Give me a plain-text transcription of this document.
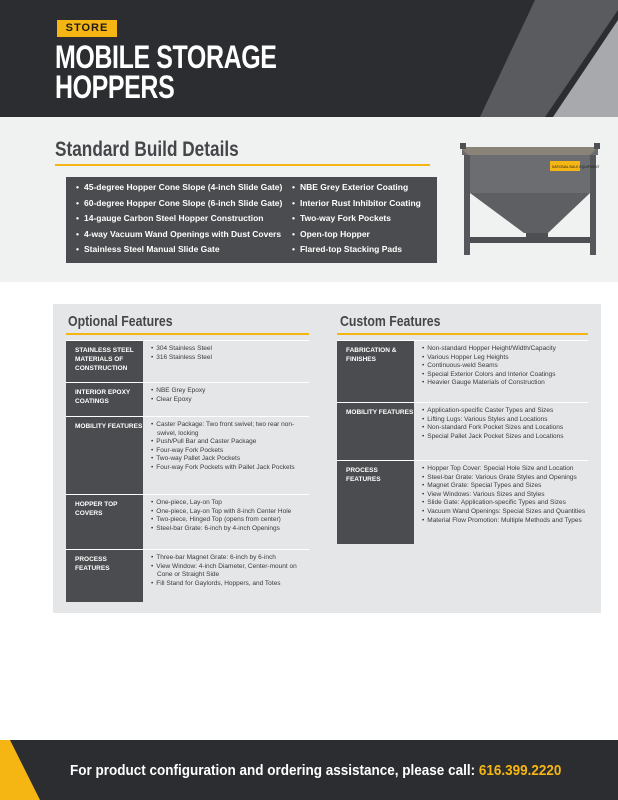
STORE
MOBILE STORAGE
HOPPERS
Standard Build Details
• 45-degree Hopper Cone Slope (4-inch Slide Gate)
• 60-degree Hopper Cone Slope (6-inch Slide Gate)
• 14-gauge Carbon Steel Hopper Construction
• 4-way Vacuum Wand Openings with Dust Covers
• Stainless Steel Manual Slide Gate
• NBE Grey Exterior Coating
• Interior Rust Inhibitor Coating
• Two-way Fork Pockets
• Open-top Hopper
• Flared-top Stacking Pads
NATIONAL BULK EQUIPMENT
Optional Features
STAINLESS STEEL MATERIALS OF CONSTRUCTION
• 304 Stainless Steel
• 316 Stainless Steel
INTERIOR EPOXY COATINGS
• NBE Grey Epoxy
• Clear Epoxy
MOBILITY FEATURES	• Caster Package: Two front swivel; two rear non-swivel, locking
• Push/Pull Bar and Caster Package
• Four-way Fork Pockets
• Two-way Pallet Jack Pockets
• Four-way Fork Pockets with Pallet Jack Pockets
HOPPER TOP COVERS
• One-piece, Lay-on Top
• One-piece, Lay-on Top with 8-inch Center Hole
• Two-piece, Hinged Top (opens from center)
• Steel-bar Grate: 6-inch by 4-inch Openings
PROCESS FEATURES
• Three-bar Magnet Grate: 6-inch by 6-inch
• View Window: 4-inch Diameter, Center-mount on Cone or Straight Side
• Fill Stand for Gaylords, Hoppers, and Totes
Custom Features
FABRICATION & FINISHES
• Non-standard Hopper Height/Width/Capacity
• Various Hopper Leg Heights
• Continuous-weld Seams
• Special Exterior Colors and Interior Coatings
• Heavier Gauge Materials of Construction
MOBILITY FEATURES	• Application-specific Caster Types and Sizes
• Lifting Lugs: Various Styles and Locations
• Non-standard Fork Pocket Sizes and Locations
• Special Pallet Jack Pocket Sizes and Locations
PROCESS FEATURES
• Hopper Top Cover: Special Hole Size and Location
• Steel-bar Grate: Various Grate Styles and Openings
• Magnet Grate: Special Types and Sizes
• View Windows: Various Sizes and Styles
• Slide Gate: Application-specific Types and Sizes
• Vacuum Wand Openings: Special Sizes and Quantities
• Material Flow Promotion: Multiple Methods and Types
For product configuration and ordering assistance, please call: 616.399.2220
